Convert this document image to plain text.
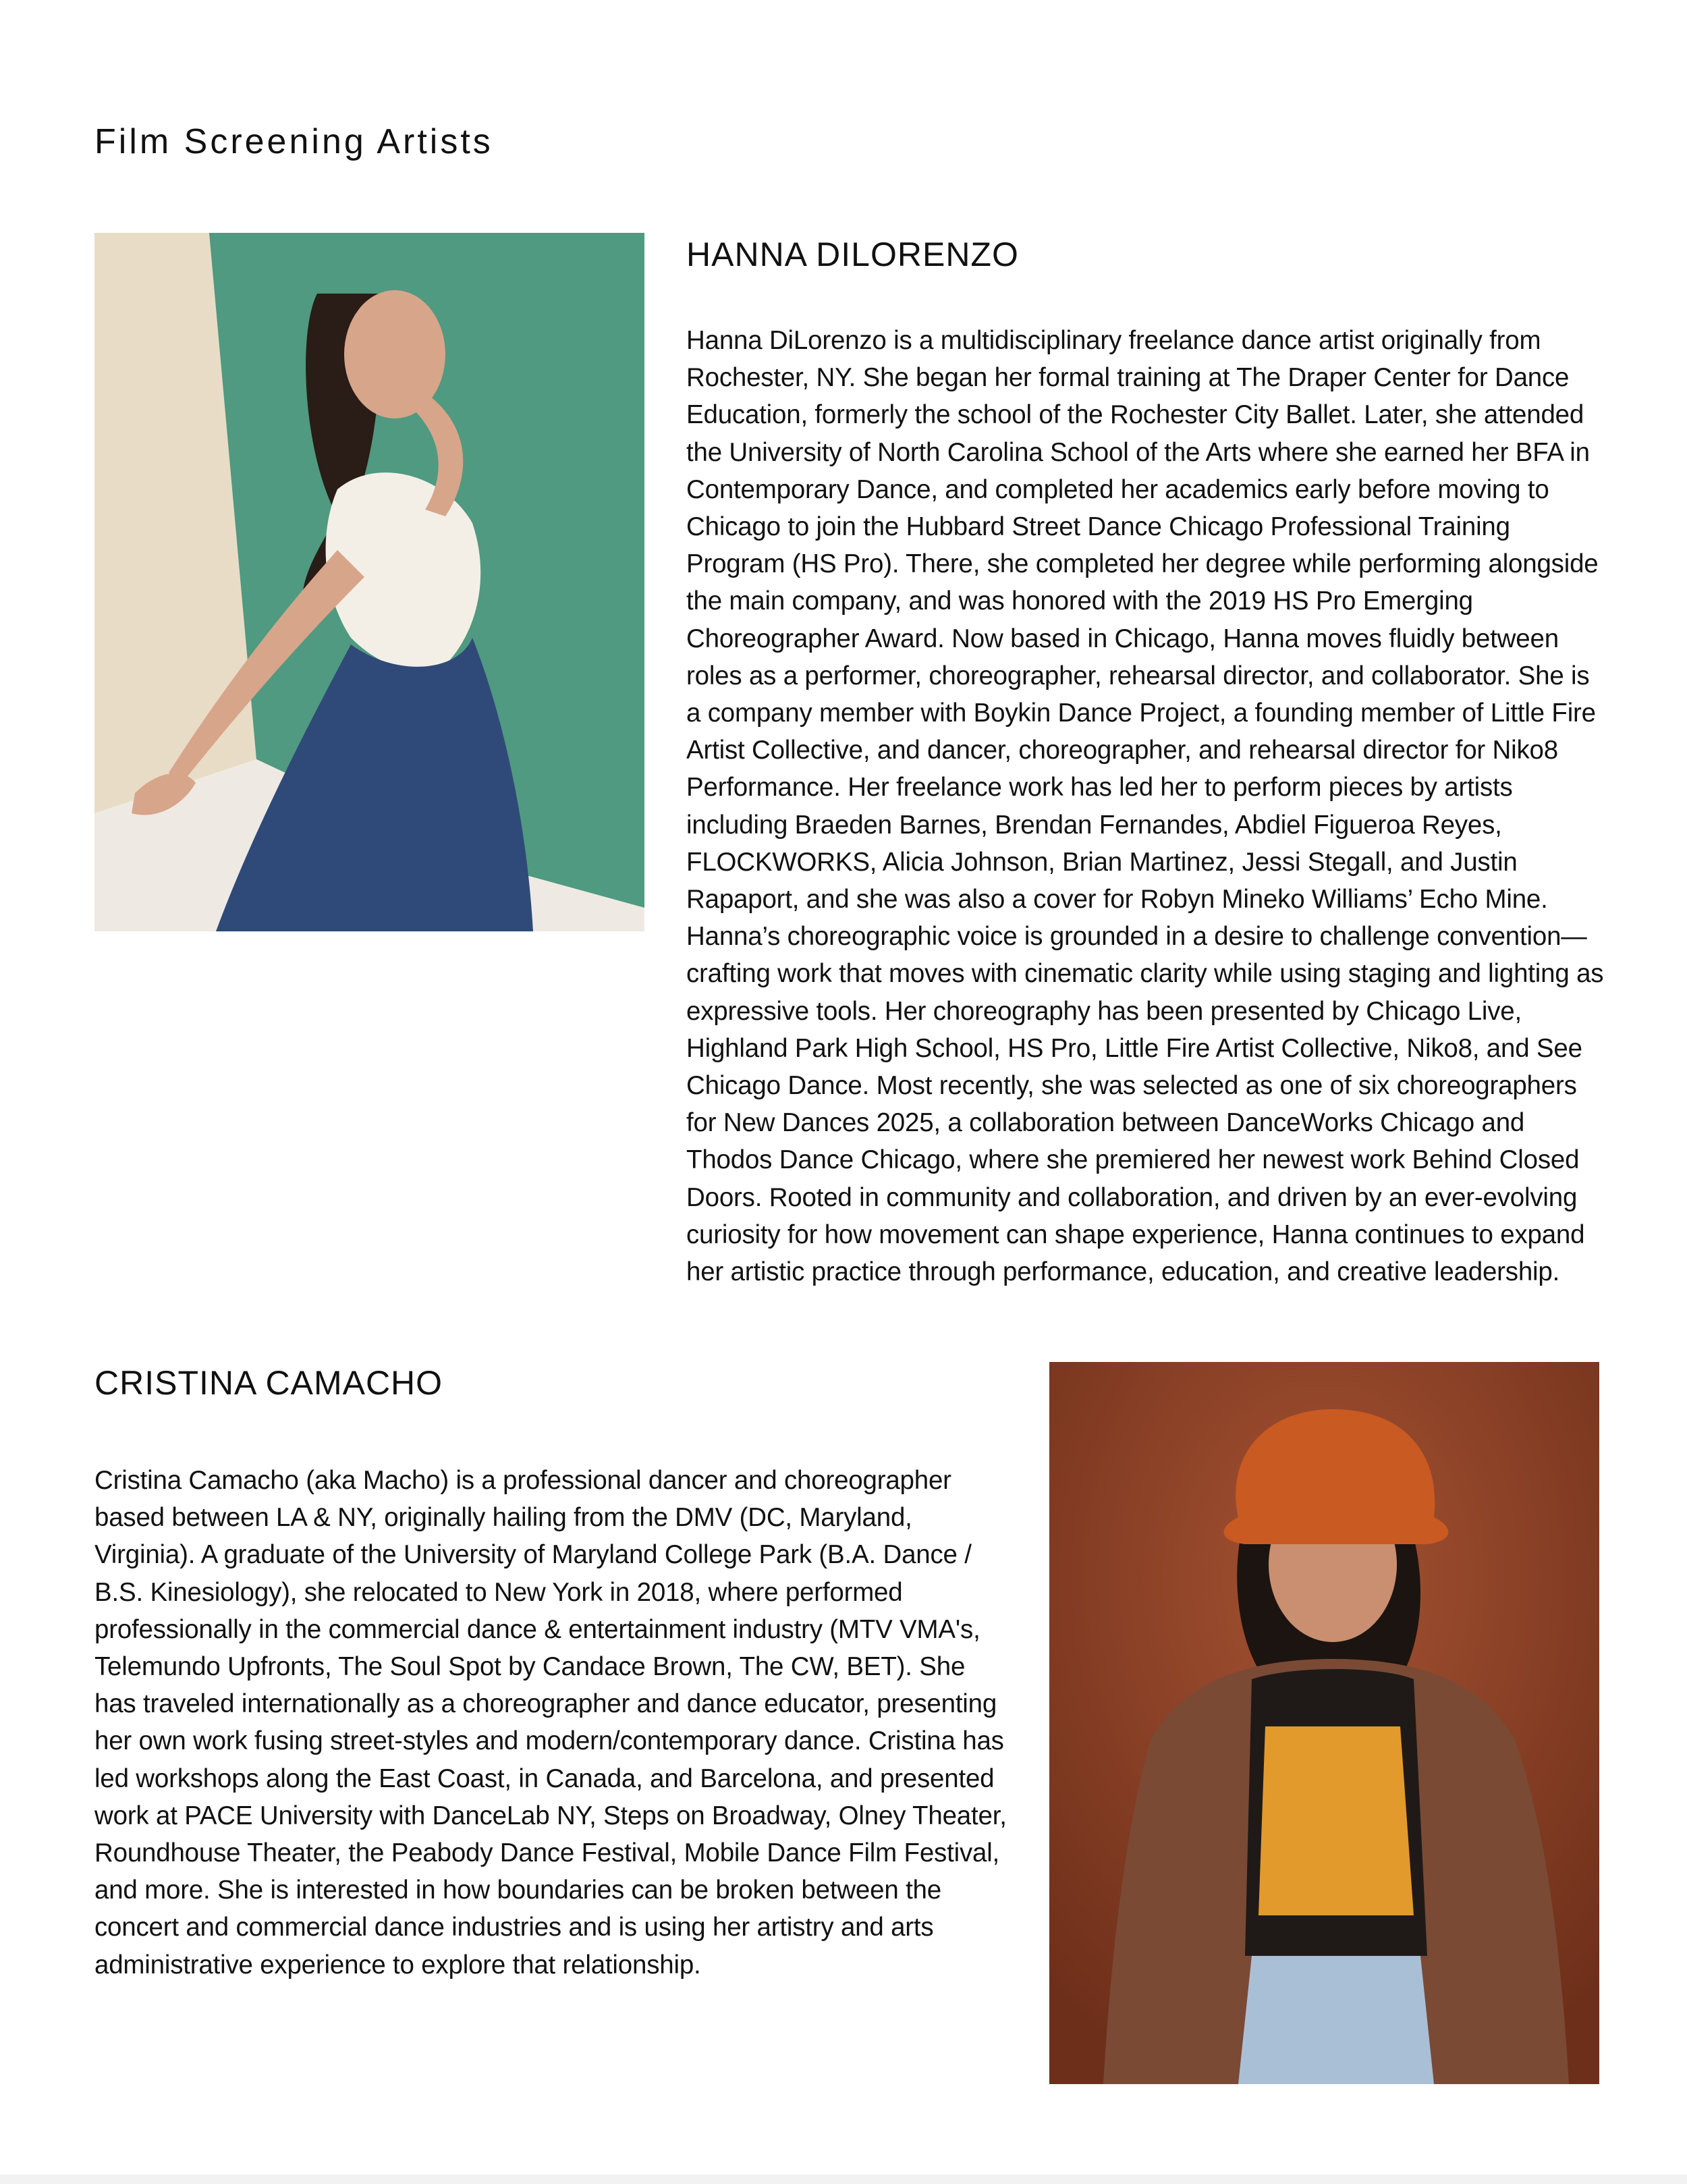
Film Screening Artists
HANNA DILORENZO

Hanna DiLorenzo is a multidisciplinary freelance dance artist originally from Rochester, NY. She began her formal training at The Draper Center for Dance Education, formerly the school of the Rochester City Ballet. Later, she attended the University of North Carolina School of the Arts where she earned her BFA in Contemporary Dance, and completed her academics early before moving to Chicago to join the Hubbard Street Dance Chicago Professional Training Program (HS Pro). There, she completed her degree while performing alongside the main company, and was honored with the 2019 HS Pro Emerging Choreographer Award. Now based in Chicago, Hanna moves fluidly between roles as a performer, choreographer, rehearsal director, and collaborator. She is a company member with Boykin Dance Project, a founding member of Little Fire Artist Collective, and dancer, choreographer, and rehearsal director for Niko8 Performance. Her freelance work has led her to perform pieces by artists including Braeden Barnes, Brendan Fernandes, Abdiel Figueroa Reyes, FLOCKWORKS, Alicia Johnson, Brian Martinez, Jessi Stegall, and Justin Rapaport, and she was also a cover for Robyn Mineko Williams’ Echo Mine. Hanna’s choreographic voice is grounded in a desire to challenge convention—crafting work that moves with cinematic clarity while using staging and lighting as expressive tools. Her choreography has been presented by Chicago Live, Highland Park High School, HS Pro, Little Fire Artist Collective, Niko8, and See Chicago Dance. Most recently, she was selected as one of six choreographers for New Dances 2025, a collaboration between DanceWorks Chicago and Thodos Dance Chicago, where she premiered her newest work Behind Closed Doors. Rooted in community and collaboration, and driven by an ever-evolving curiosity for how movement can shape experience, Hanna continues to expand her artistic practice through performance, education, and creative leadership.

CRISTINA CAMACHO

Cristina Camacho (aka Macho) is a professional dancer and choreographer based between LA & NY, originally hailing from the DMV (DC, Maryland, Virginia). A graduate of the University of Maryland College Park (B.A. Dance / B.S. Kinesiology), she relocated to New York in 2018, where performed professionally in the commercial dance & entertainment industry (MTV VMA's, Telemundo Upfronts, The Soul Spot by Candace Brown, The CW, BET). She has traveled internationally as a choreographer and dance educator, presenting her own work fusing street-styles and modern/contemporary dance. Cristina has led workshops along the East Coast, in Canada, and Barcelona, and presented work at PACE University with DanceLab NY, Steps on Broadway, Olney Theater, Roundhouse Theater, the Peabody Dance Festival, Mobile Dance Film Festival, and more. She is interested in how boundaries can be broken between the concert and commercial dance industries and is using her artistry and arts administrative experience to explore that relationship.
